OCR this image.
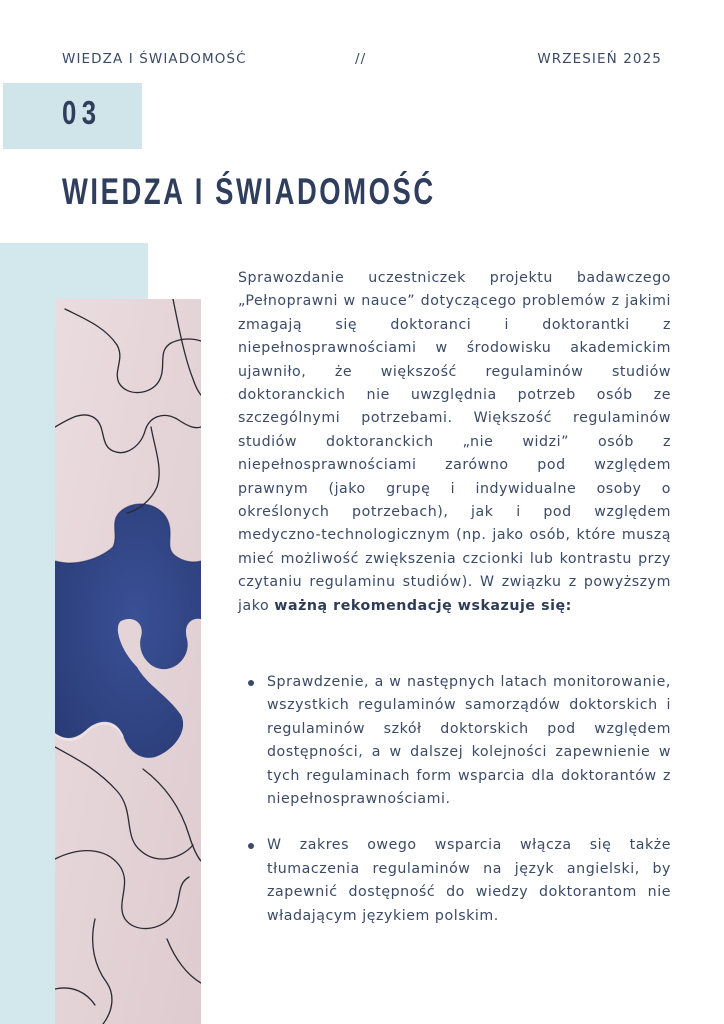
WIEDZA I ŚWIADOMOŚĆ	//	WRZESIEŃ 2025
03
WIEDZA I ŚWIADOMOŚĆ

Sprawozdanie uczestniczek projektu badawczego „Pełnoprawni w nauce” dotyczącego problemów z jakimi zmagają się doktoranci i doktorantki z niepełnosprawnościami w środowisku akademickim ujawniło, że większość regulaminów studiów doktoranckich nie uwzględnia potrzeb osób ze szczególnymi potrzebami. Większość regulaminów studiów doktoranckich „nie widzi” osób z niepełnosprawnościami zarówno pod względem prawnym (jako grupę i indywidualne osoby o określonych potrzebach), jak i pod względem medyczno-technologicznym (np. jako osób, które muszą mieć możliwość zwiększenia czcionki lub kontrastu przy czytaniu regulaminu studiów). W związku z powyższym jako ważną rekomendację wskazuje się:

Sprawdzenie, a w następnych latach monitorowanie, wszystkich regulaminów samorządów doktorskich i regulaminów szkół doktorskich pod względem dostępności, a w dalszej kolejności zapewnienie w tych regulaminach form wsparcia dla doktorantów z niepełnosprawnościami.
W zakres owego wsparcia włącza się także tłumaczenia regulaminów na język angielski, by zapewnić dostępność do wiedzy doktorantom nie władającym językiem polskim.
